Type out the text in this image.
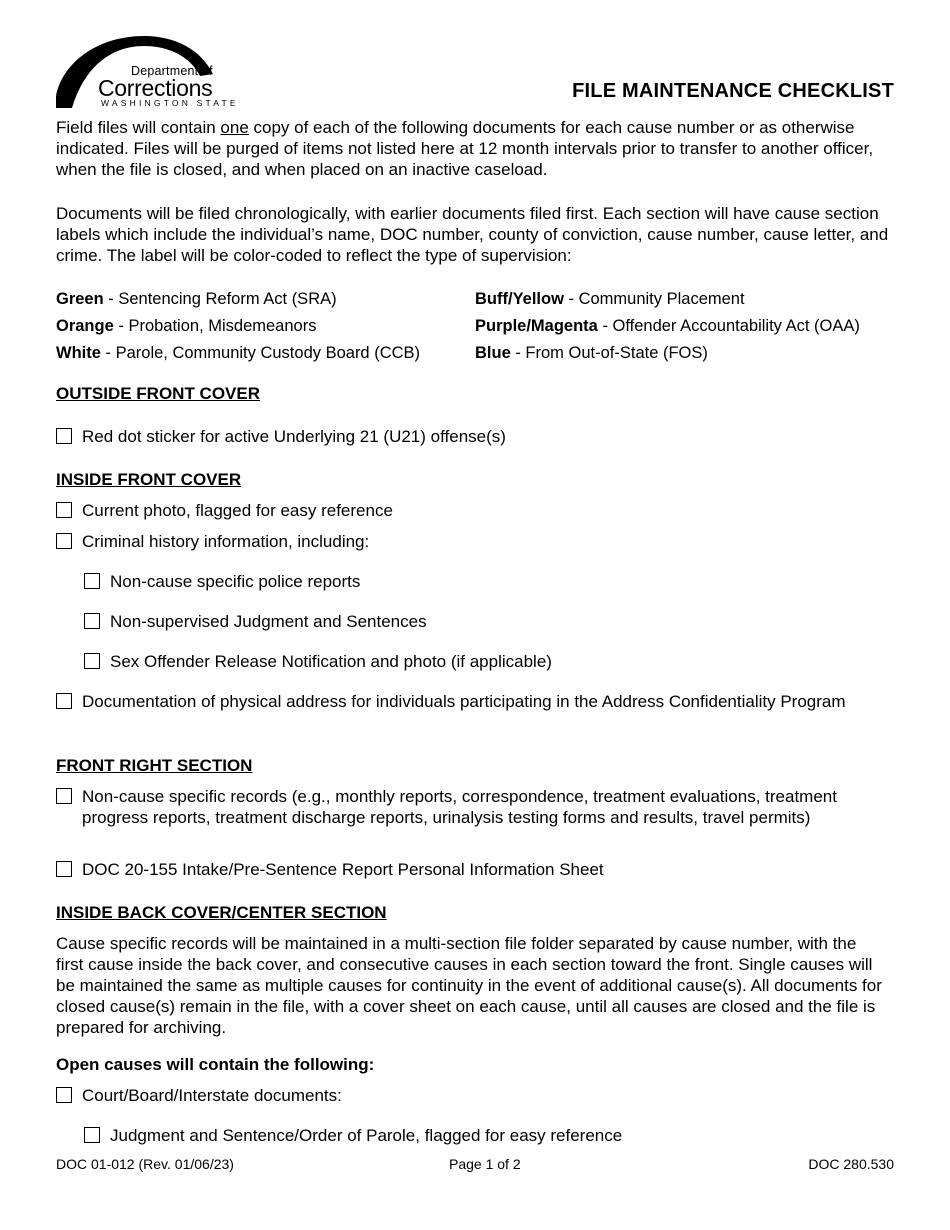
Department of
Corrections
WASHINGTON STATE
FILE MAINTENANCE CHECKLIST
Field files will contain one copy of each of the following documents for each cause number or as otherwise indicated. Files will be purged of items not listed here at 12 month intervals prior to transfer to another officer, when the file is closed, and when placed on an inactive caseload.
Documents will be filed chronologically, with earlier documents filed first. Each section will have cause section labels which include the individual’s name, DOC number, county of conviction, cause number, cause letter, and crime. The label will be color-coded to reflect the type of supervision:
Green - Sentencing Reform Act (SRA)
Orange - Probation, Misdemeanors
White - Parole, Community Custody Board (CCB)
Buff/Yellow - Community Placement
Purple/Magenta - Offender Accountability Act (OAA)
Blue - From Out-of-State (FOS)
OUTSIDE FRONT COVER
Red dot sticker for active Underlying 21 (U21) offense(s)
INSIDE FRONT COVER
Current photo, flagged for easy reference
Criminal history information, including:
Non-cause specific police reports
Non-supervised Judgment and Sentences
Sex Offender Release Notification and photo (if applicable)
Documentation of physical address for individuals participating in the Address Confidentiality Program
FRONT RIGHT SECTION
Non-cause specific records (e.g., monthly reports, correspondence, treatment evaluations, treatment progress reports, treatment discharge reports, urinalysis testing forms and results, travel permits)
DOC 20-155 Intake/Pre-Sentence Report Personal Information Sheet
INSIDE BACK COVER/CENTER SECTION
Cause specific records will be maintained in a multi-section file folder separated by cause number, with the first cause inside the back cover, and consecutive causes in each section toward the front. Single causes will be maintained the same as multiple causes for continuity in the event of additional cause(s). All documents for closed cause(s) remain in the file, with a cover sheet on each cause, until all causes are closed and the file is prepared for archiving.
Open causes will contain the following:
Court/Board/Interstate documents:
Judgment and Sentence/Order of Parole, flagged for easy reference
DOC 01-012 (Rev. 01/06/23)	Page 1 of 2	DOC 280.530
